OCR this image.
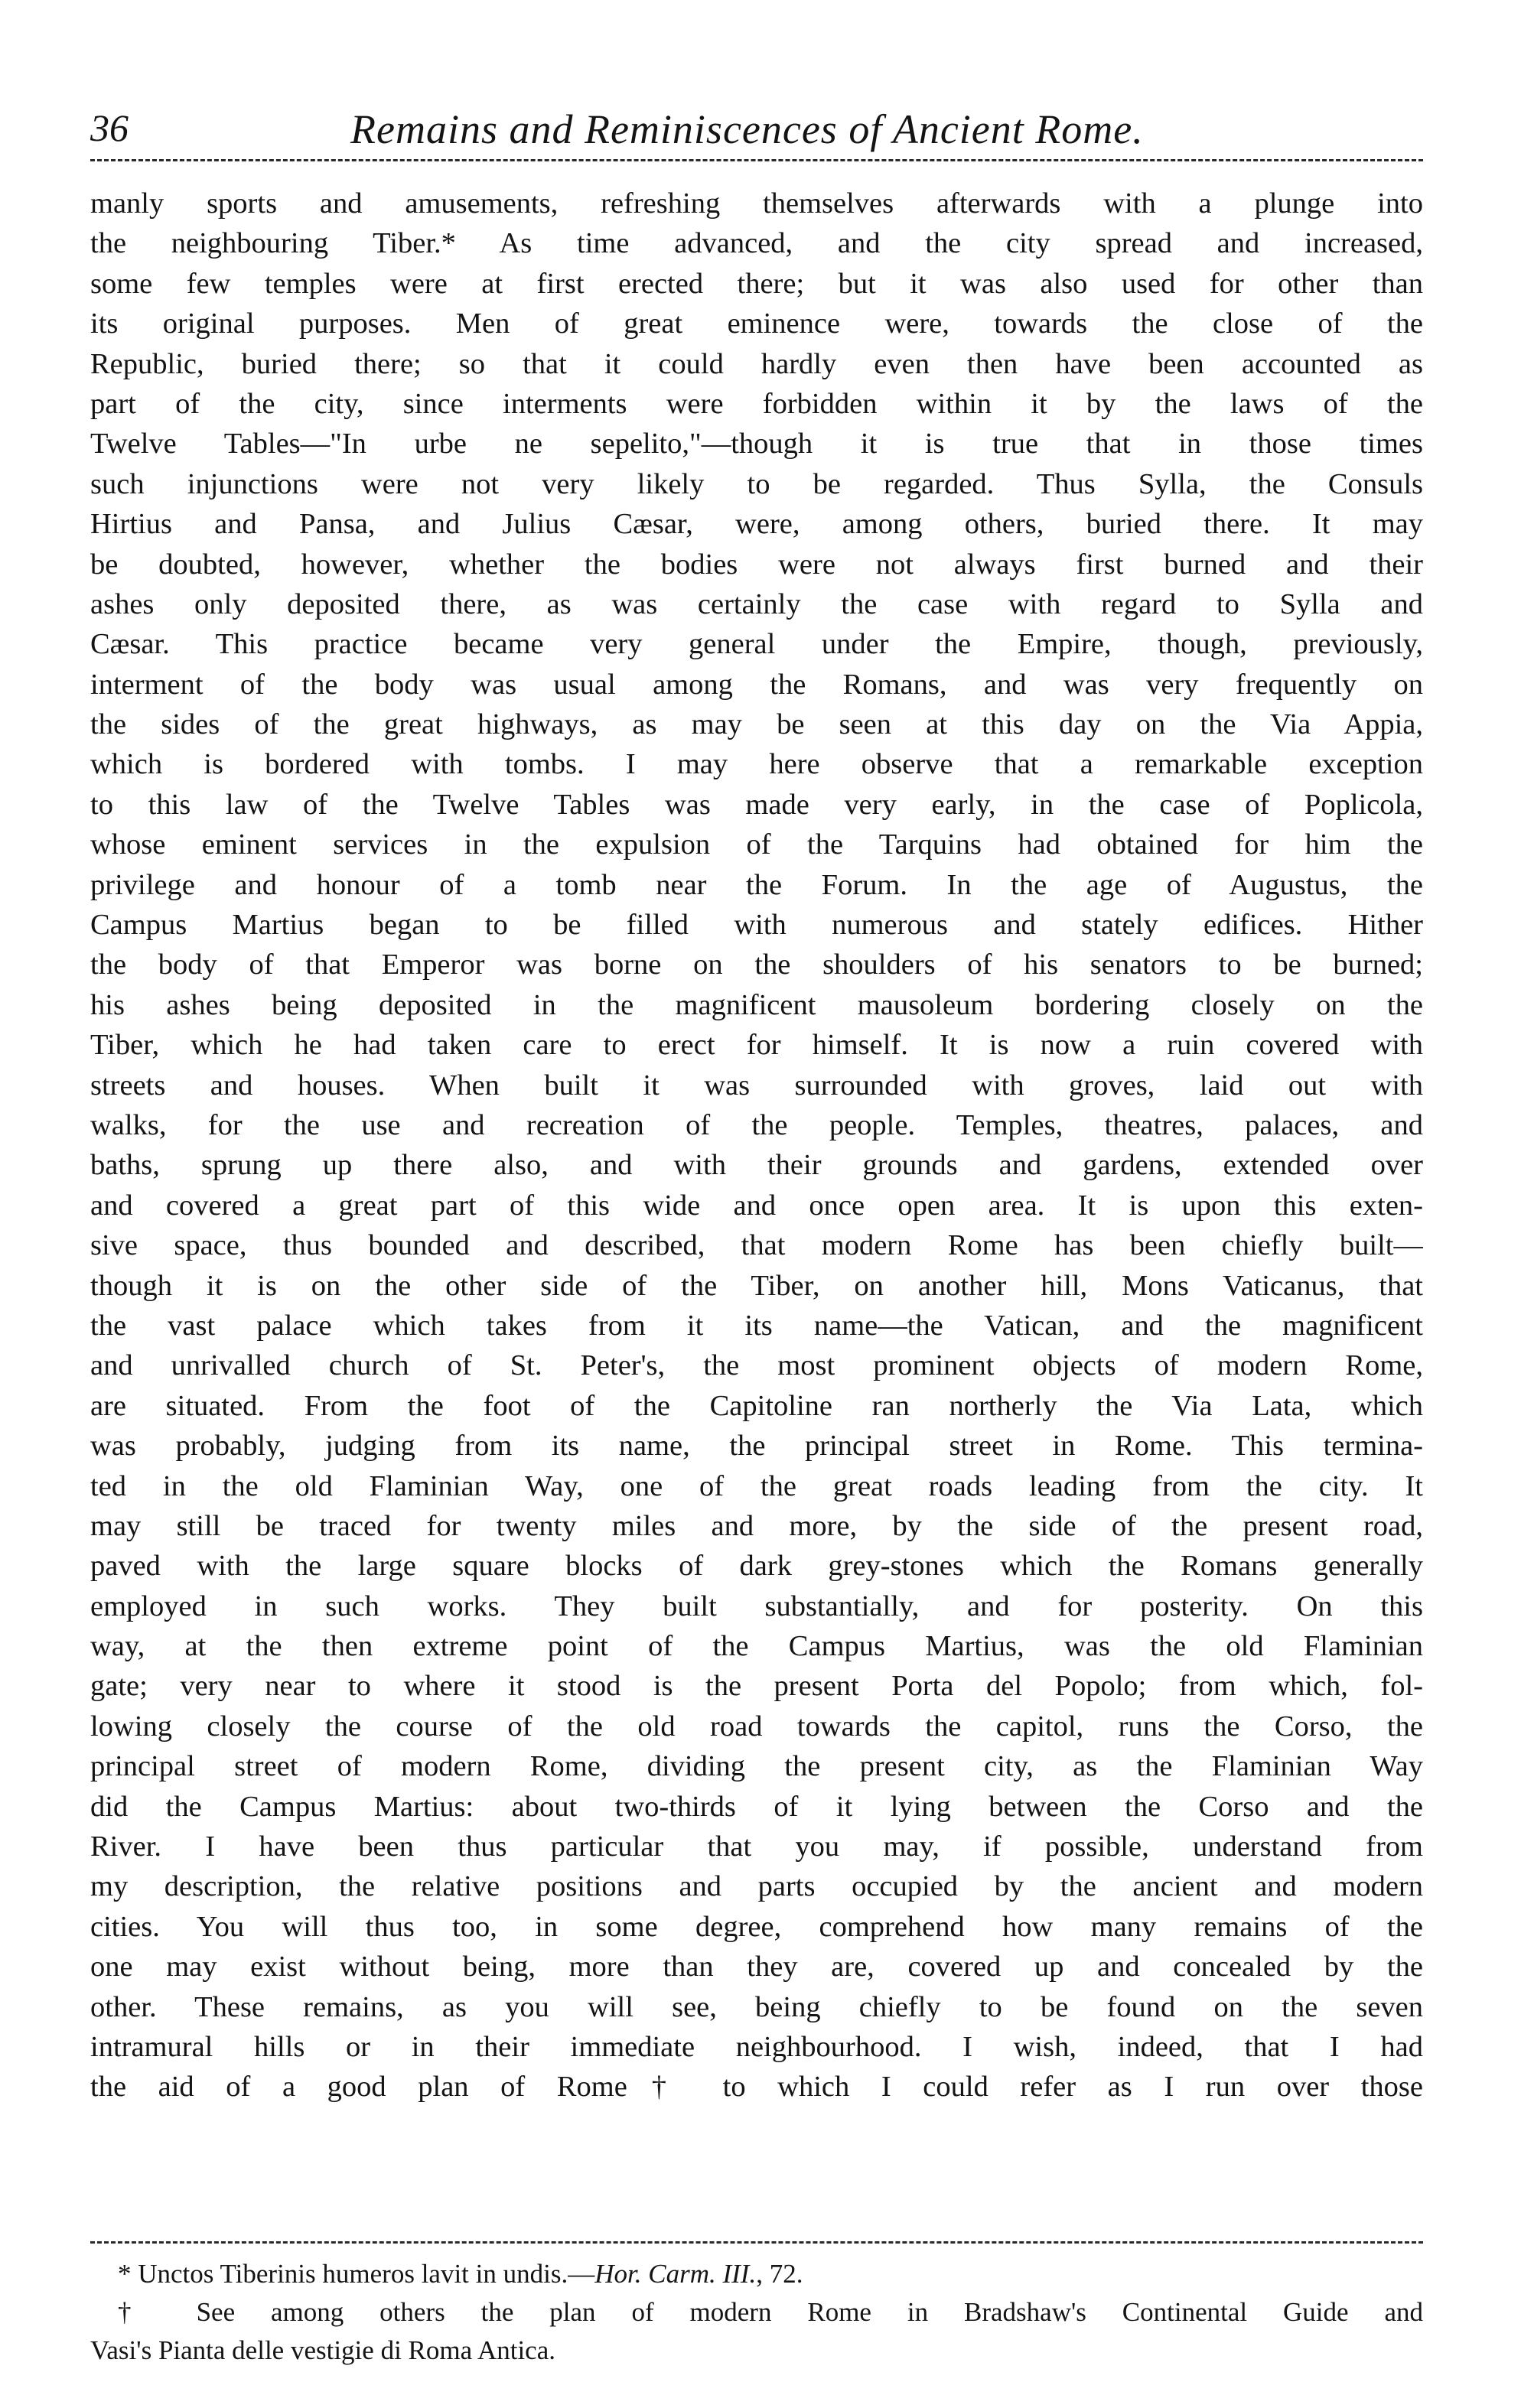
36	Remains and Reminiscences of Ancient Rome.
manly sports and amusements, refreshing themselves afterwards with a plunge into
the neighbouring Tiber.* As time advanced, and the city spread and increased,
some few temples were at first erected there; but it was also used for other than
its original purposes. Men of great eminence were, towards the close of the
Republic, buried there; so that it could hardly even then have been accounted as
part of the city, since interments were forbidden within it by the laws of the
Twelve Tables—"In urbe ne sepelito,"—though it is true that in those times
such injunctions were not very likely to be regarded. Thus Sylla, the Consuls
Hirtius and Pansa, and Julius Cæsar, were, among others, buried there. It may
be doubted, however, whether the bodies were not always first burned and their
ashes only deposited there, as was certainly the case with regard to Sylla and
Cæsar. This practice became very general under the Empire, though, previously,
interment of the body was usual among the Romans, and was very frequently on
the sides of the great highways, as may be seen at this day on the Via Appia,
which is bordered with tombs. I may here observe that a remarkable exception
to this law of the Twelve Tables was made very early, in the case of Poplicola,
whose eminent services in the expulsion of the Tarquins had obtained for him the
privilege and honour of a tomb near the Forum. In the age of Augustus, the
Campus Martius began to be filled with numerous and stately edifices. Hither
the body of that Emperor was borne on the shoulders of his senators to be burned;
his ashes being deposited in the magnificent mausoleum bordering closely on the
Tiber, which he had taken care to erect for himself. It is now a ruin covered with
streets and houses. When built it was surrounded with groves, laid out with
walks, for the use and recreation of the people. Temples, theatres, palaces, and
baths, sprung up there also, and with their grounds and gardens, extended over
and covered a great part of this wide and once open area. It is upon this exten-
sive space, thus bounded and described, that modern Rome has been chiefly built—
though it is on the other side of the Tiber, on another hill, Mons Vaticanus, that
the vast palace which takes from it its name—the Vatican, and the magnificent
and unrivalled church of St. Peter's, the most prominent objects of modern Rome,
are situated. From the foot of the Capitoline ran northerly the Via Lata, which
was probably, judging from its name, the principal street in Rome. This termina-
ted in the old Flaminian Way, one of the great roads leading from the city. It
may still be traced for twenty miles and more, by the side of the present road,
paved with the large square blocks of dark grey-stones which the Romans generally
employed in such works. They built substantially, and for posterity. On this
way, at the then extreme point of the Campus Martius, was the old Flaminian
gate; very near to where it stood is the present Porta del Popolo; from which, fol-
lowing closely the course of the old road towards the capitol, runs the Corso, the
principal street of modern Rome, dividing the present city, as the Flaminian Way
did the Campus Martius: about two-thirds of it lying between the Corso and the
River. I have been thus particular that you may, if possible, understand from
my description, the relative positions and parts occupied by the ancient and modern
cities. You will thus too, in some degree, comprehend how many remains of the
one may exist without being, more than they are, covered up and concealed by the
other. These remains, as you will see, being chiefly to be found on the seven
intramural hills or in their immediate neighbourhood. I wish, indeed, that I had
the aid of a good plan of Rome† to which I could refer as I run over those
* Unctos Tiberinis humeros lavit in undis.—Hor. Carm. III., 72.
† See among others the plan of modern Rome in Bradshaw's Continental Guide and
Vasi's Pianta delle vestigie di Roma Antica.
